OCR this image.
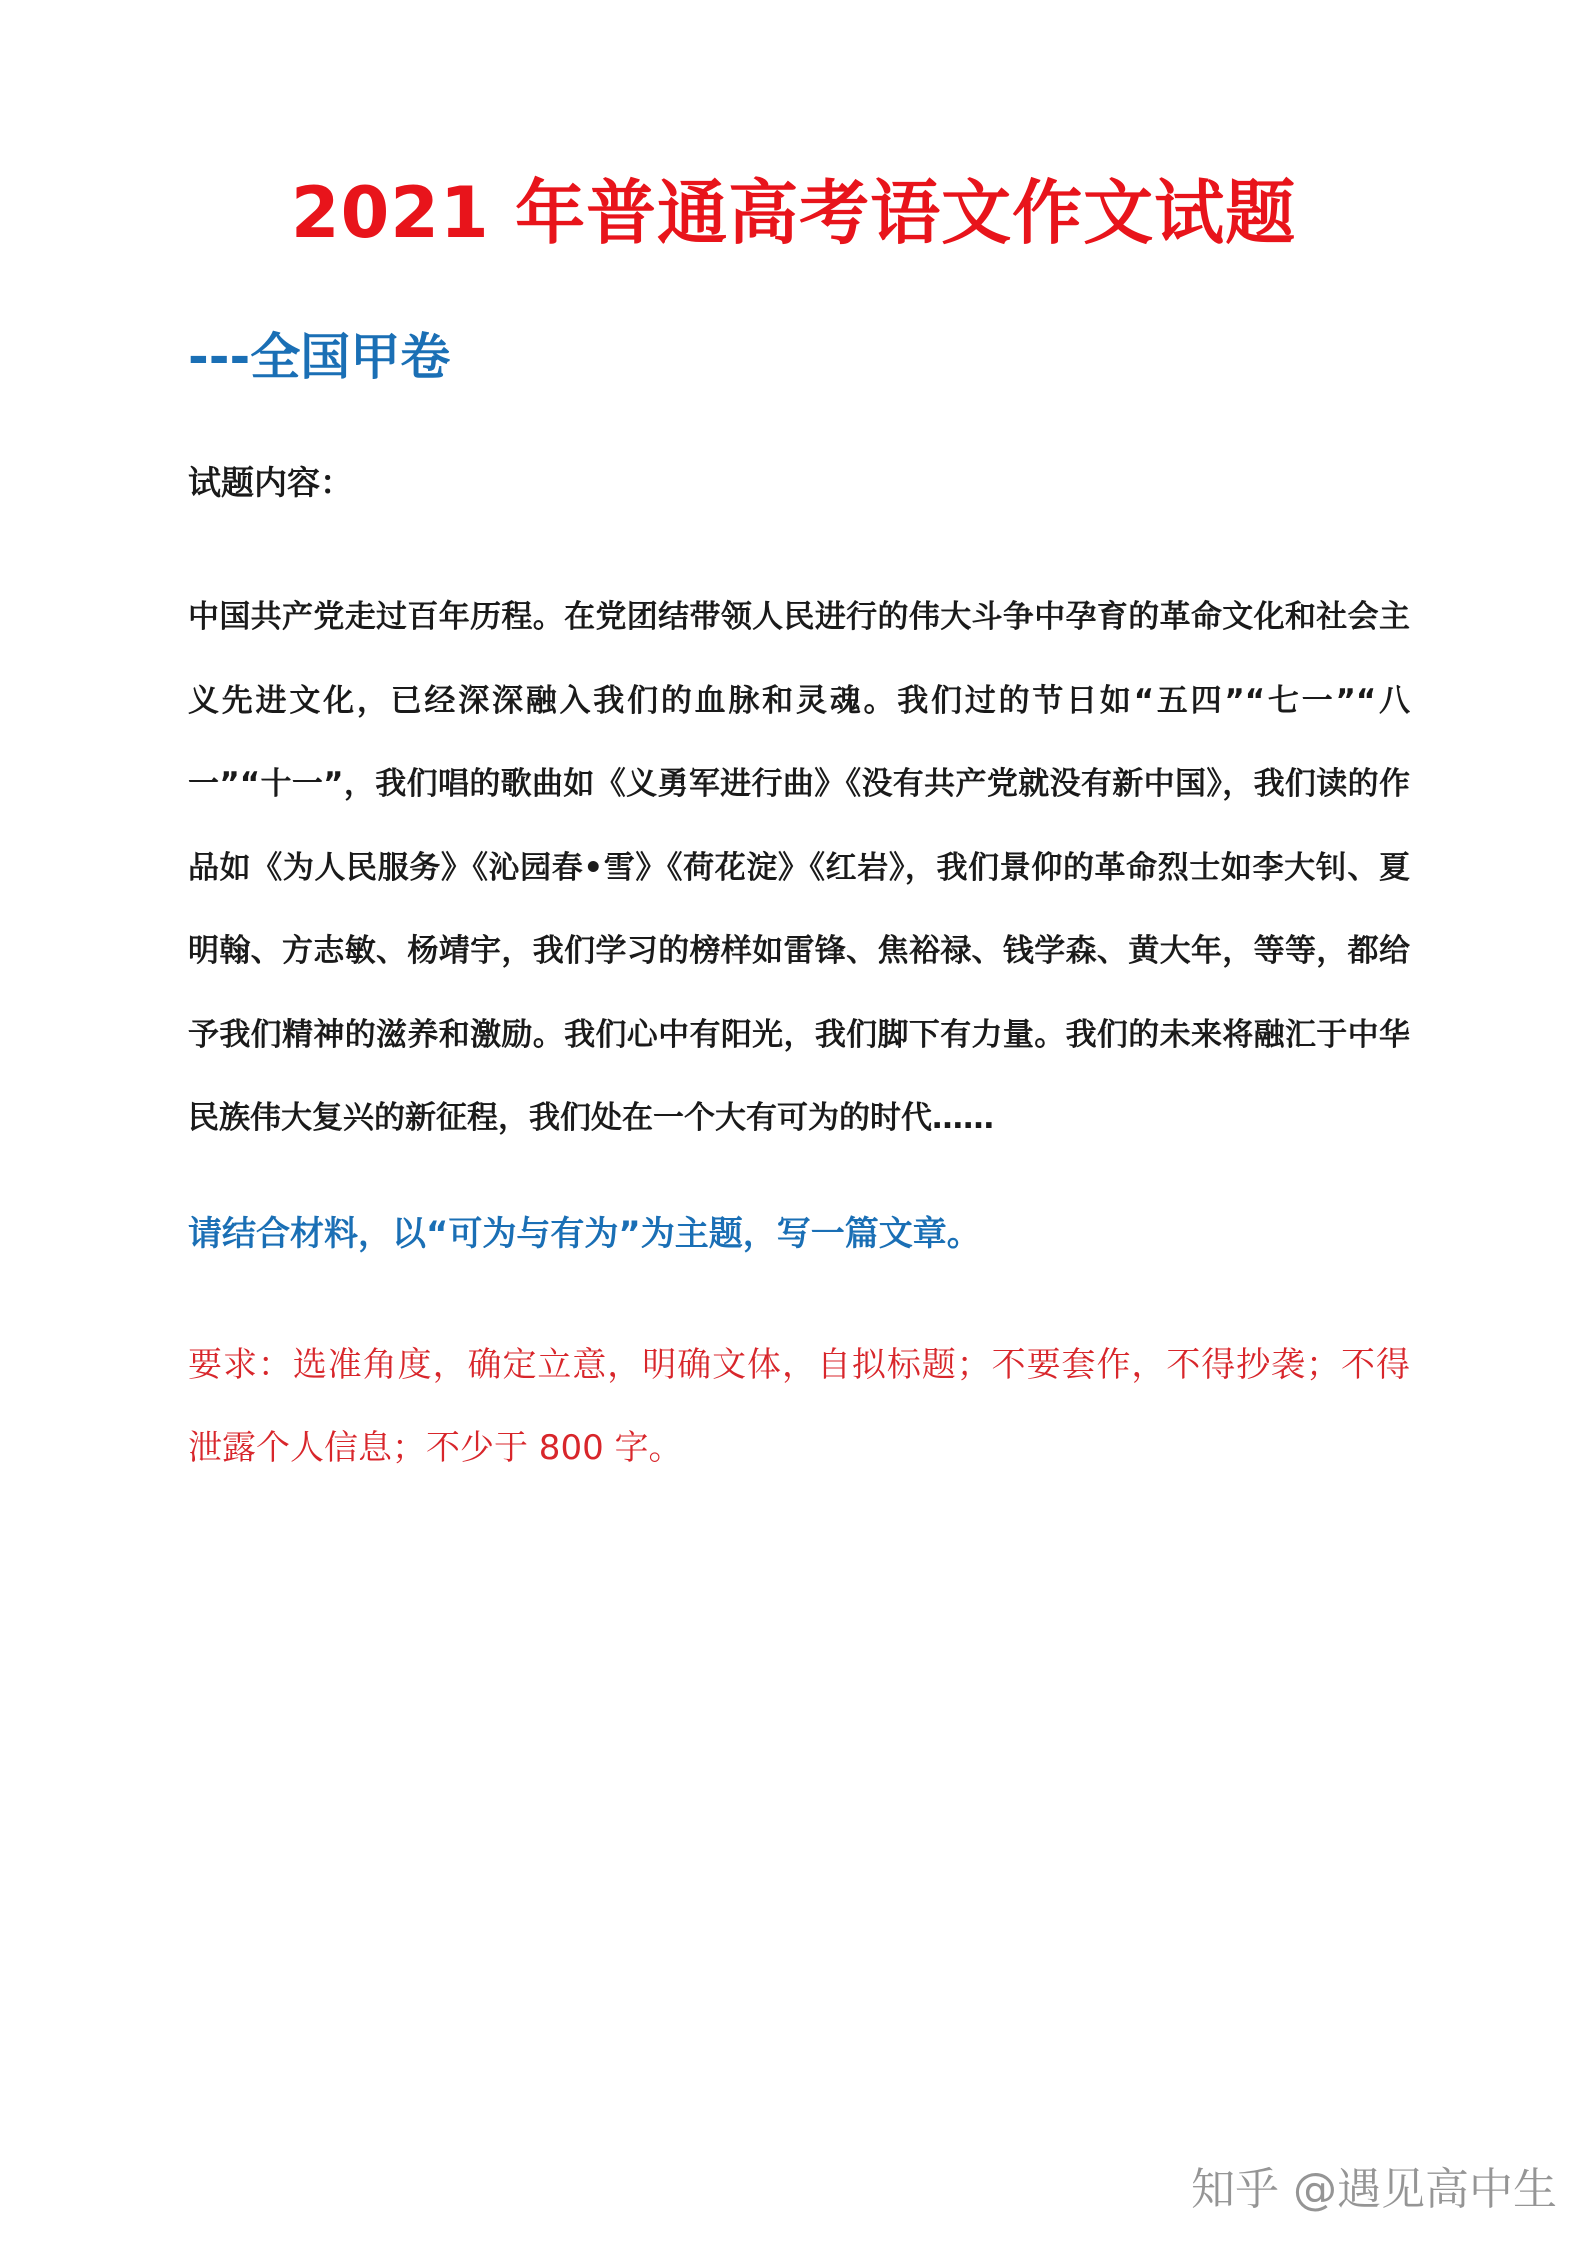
2021 年普通高考语文作文试题
---全国甲卷

试题内容：

中国共产党走过百年历程。在党团结带领人民进行的伟大斗争中孕育的革命文化和社会主义先进文化，已经深深融入我们的血脉和灵魂。我们过的节日如“五四”“七一”“八一”“十一”，我们唱的歌曲如《义勇军进行曲》《没有共产党就没有新中国》，我们读的作品如《为人民服务》《沁园春•雪》《荷花淀》《红岩》，我们景仰的革命烈士如李大钊、夏明翰、方志敏、杨靖宇，我们学习的榜样如雷锋、焦裕禄、钱学森、黄大年，等等，都给予我们精神的滋养和激励。我们心中有阳光，我们脚下有力量。我们的未来将融汇于中华民族伟大复兴的新征程，我们处在一个大有可为的时代……

请结合材料，以“可为与有为”为主题，写一篇文章。

要求：选准角度，确定立意，明确文体，自拟标题；不要套作，不得抄袭；不得泄露个人信息；不少于 800 字。

知乎 @遇见高中生
